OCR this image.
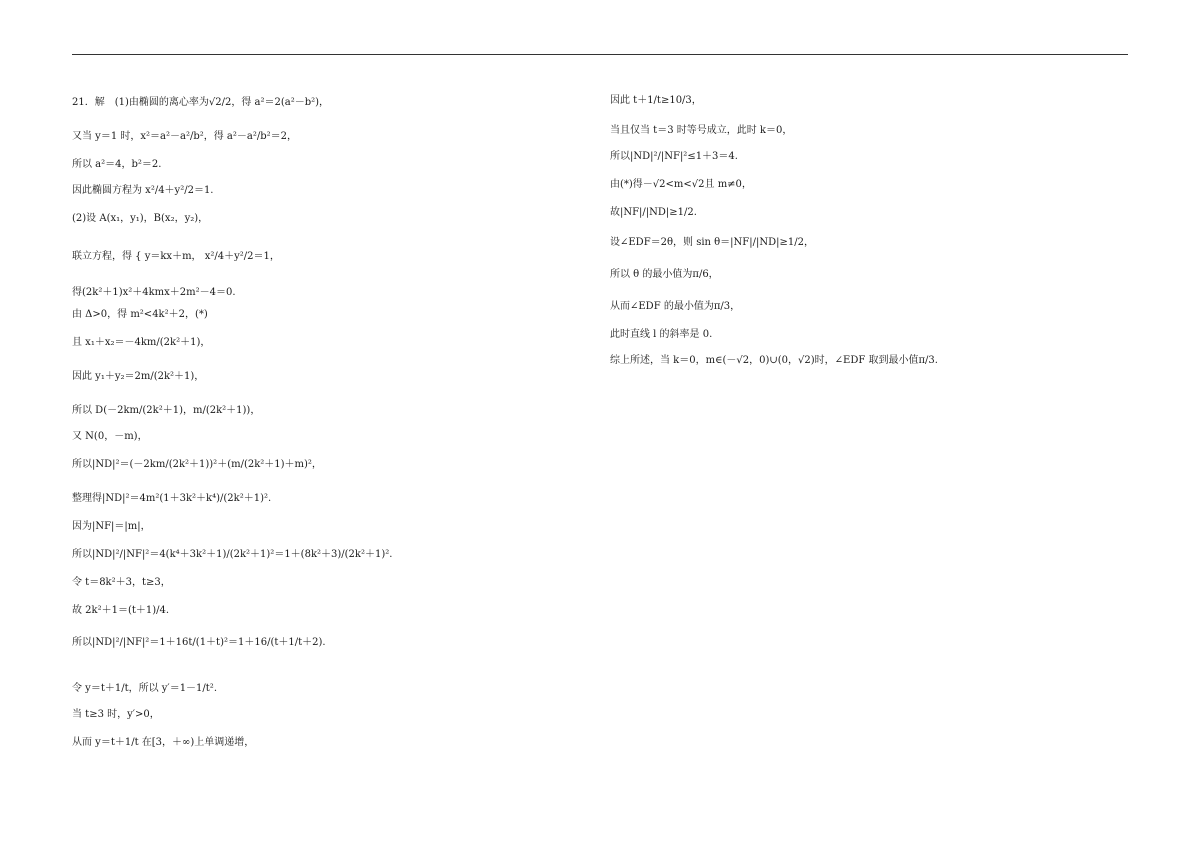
21．解　(1)由椭圆的离心率为√2/2，得 a²＝2(a²－b²)，
又当 y＝1 时，x²＝a²－a²/b²，得 a²－a²/b²＝2，
所以 a²＝4，b²＝2.
因此椭圆方程为 x²/4＋y²/2＝1.
(2)设 A(x₁，y₁)，B(x₂，y₂)，
联立方程，得 { y＝kx＋m， x²/4＋y²/2＝1，
得(2k²＋1)x²＋4kmx＋2m²－4＝0.
由 Δ>0，得 m²<4k²＋2，(*)
且 x₁＋x₂＝－4km/(2k²＋1)，
因此 y₁＋y₂＝2m/(2k²＋1)，
所以 D(－2km/(2k²＋1)，m/(2k²＋1))，
又 N(0，－m)，
所以|ND|²＝(－2km/(2k²＋1))²＋(m/(2k²＋1)＋m)²，
整理得|ND|²＝4m²(1＋3k²＋k⁴)/(2k²＋1)².
因为|NF|＝|m|，
所以|ND|²/|NF|²＝4(k⁴＋3k²＋1)/(2k²＋1)²＝1＋(8k²＋3)/(2k²＋1)².
令 t＝8k²＋3，t≥3，
故 2k²＋1＝(t＋1)/4.
所以|ND|²/|NF|²＝1＋16t/(1＋t)²＝1＋16/(t＋1/t＋2).
令 y＝t＋1/t，所以 y′＝1－1/t².
当 t≥3 时，y′>0，
从而 y＝t＋1/t 在[3，＋∞)上单调递增，
因此 t＋1/t≥10/3，
当且仅当 t＝3 时等号成立，此时 k＝0，
所以|ND|²/|NF|²≤1＋3＝4.
由(*)得－√2<m<√2且 m≠0，
故|NF|/|ND|≥1/2.
设∠EDF＝2θ，则 sin θ＝|NF|/|ND|≥1/2，
所以 θ 的最小值为π/6，
从而∠EDF 的最小值为π/3，
此时直线 l 的斜率是 0.
综上所述，当 k＝0，m∈(－√2，0)∪(0，√2)时，∠EDF 取到最小值π/3.
